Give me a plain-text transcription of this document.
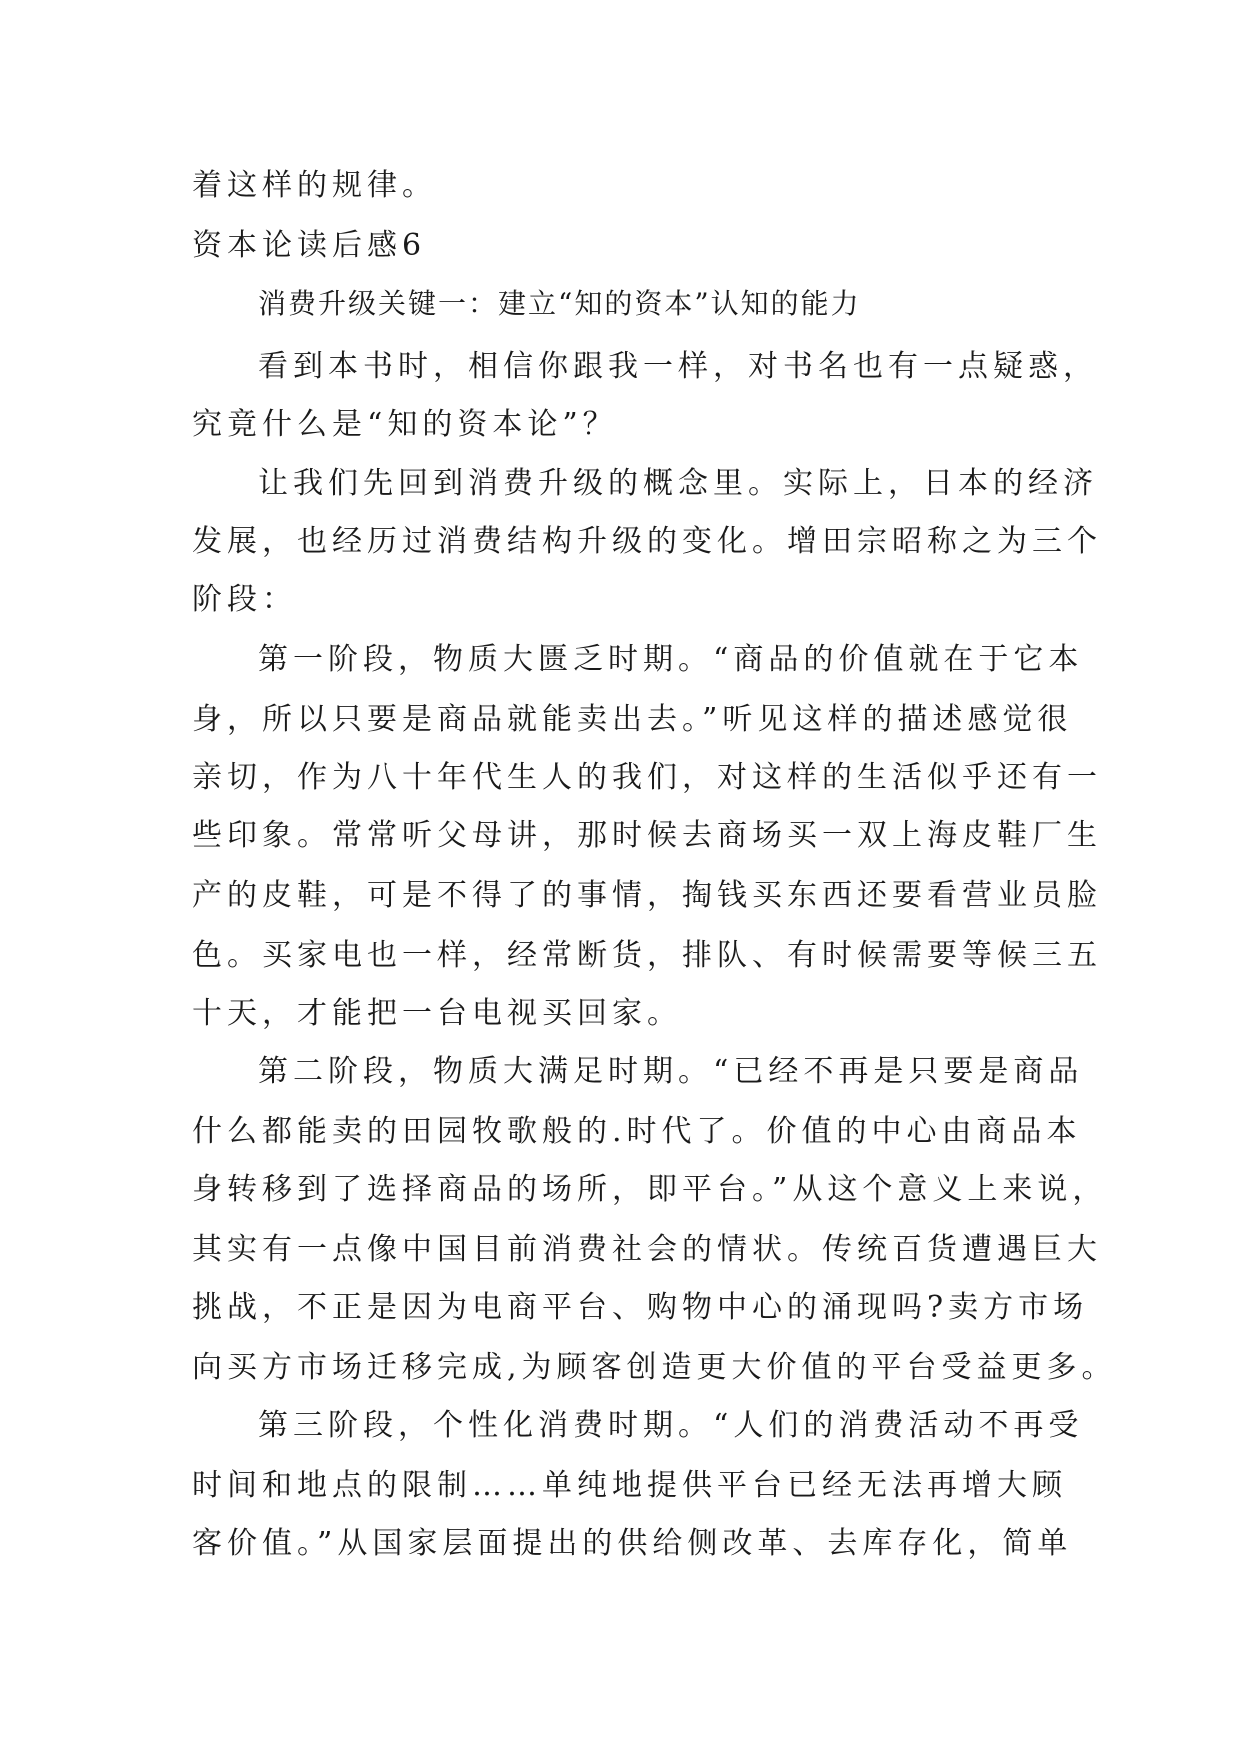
着这样的规律。
资本论读后感6
消费升级关键一：建立“知的资本”认知的能力
看到本书时，相信你跟我一样，对书名也有一点疑惑，
究竟什么是“知的资本论”？
让我们先回到消费升级的概念里。实际上，日本的经济
发展，也经历过消费结构升级的变化。增田宗昭称之为三个
阶段：
第一阶段，物质大匮乏时期。“商品的价值就在于它本
身，所以只要是商品就能卖出去。”听见这样的描述感觉很
亲切，作为八十年代生人的我们，对这样的生活似乎还有一
些印象。常常听父母讲，那时候去商场买一双上海皮鞋厂生
产的皮鞋，可是不得了的事情，掏钱买东西还要看营业员脸
色。买家电也一样，经常断货，排队、有时候需要等候三五
十天，才能把一台电视买回家。
第二阶段，物质大满足时期。“已经不再是只要是商品
什么都能卖的田园牧歌般的.时代了。价值的中心由商品本
身转移到了选择商品的场所，即平台。”从这个意义上来说，
其实有一点像中国目前消费社会的情状。传统百货遭遇巨大
挑战，不正是因为电商平台、购物中心的涌现吗?卖方市场
向买方市场迁移完成,为顾客创造更大价值的平台受益更多。
第三阶段，个性化消费时期。“人们的消费活动不再受
时间和地点的限制……单纯地提供平台已经无法再增大顾
客价值。”从国家层面提出的供给侧改革、去库存化，简单
